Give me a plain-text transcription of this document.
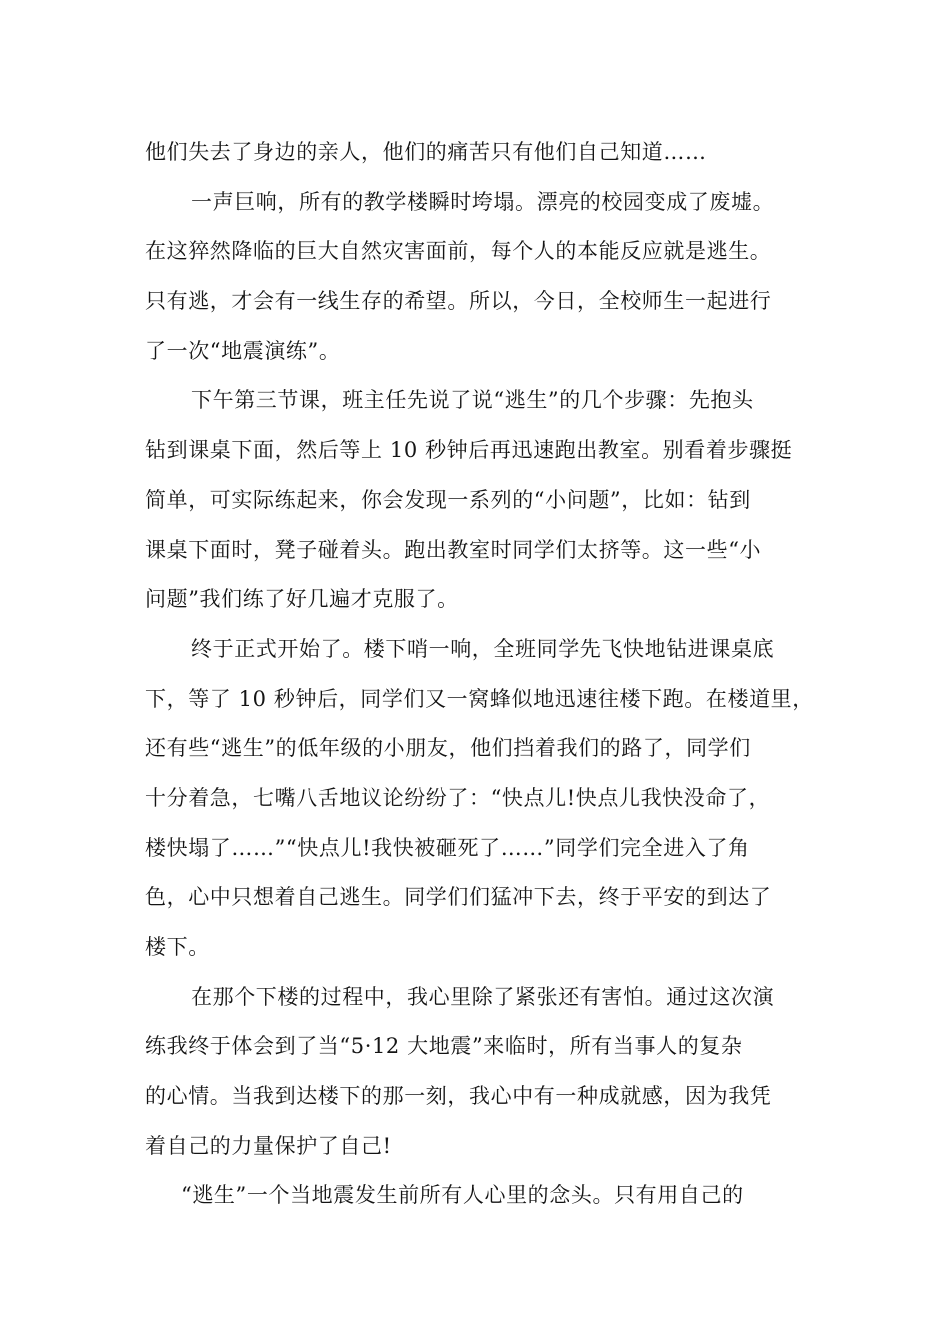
他们失去了身边的亲人，他们的痛苦只有他们自己知道……
一声巨响，所有的教学楼瞬时垮塌。漂亮的校园变成了废墟。
在这猝然降临的巨大自然灾害面前，每个人的本能反应就是逃生。
只有逃，才会有一线生存的希望。所以，今日，全校师生一起进行
了一次“地震演练”。
下午第三节课，班主任先说了说“逃生”的几个步骤：先抱头
钻到课桌下面，然后等上 10 秒钟后再迅速跑出教室。别看着步骤挺
简单，可实际练起来，你会发现一系列的“小问题”，比如：钻到
课桌下面时，凳子碰着头。跑出教室时同学们太挤等。这一些“小
问题”我们练了好几遍才克服了。
终于正式开始了。楼下哨一响，全班同学先飞快地钻进课桌底
下，等了 10 秒钟后，同学们又一窝蜂似地迅速往楼下跑。在楼道里，
还有些“逃生”的低年级的小朋友，他们挡着我们的路了，同学们
十分着急，七嘴八舌地议论纷纷了：“快点儿!快点儿我快没命了，
楼快塌了……”“快点儿!我快被砸死了……”同学们完全进入了角
色，心中只想着自己逃生。同学们们猛冲下去，终于平安的到达了
楼下。
在那个下楼的过程中，我心里除了紧张还有害怕。通过这次演
练我终于体会到了当“5·12 大地震”来临时，所有当事人的复杂
的心情。当我到达楼下的那一刻，我心中有一种成就感，因为我凭
着自己的力量保护了自己!
“逃生”一个当地震发生前所有人心里的念头。只有用自己的
